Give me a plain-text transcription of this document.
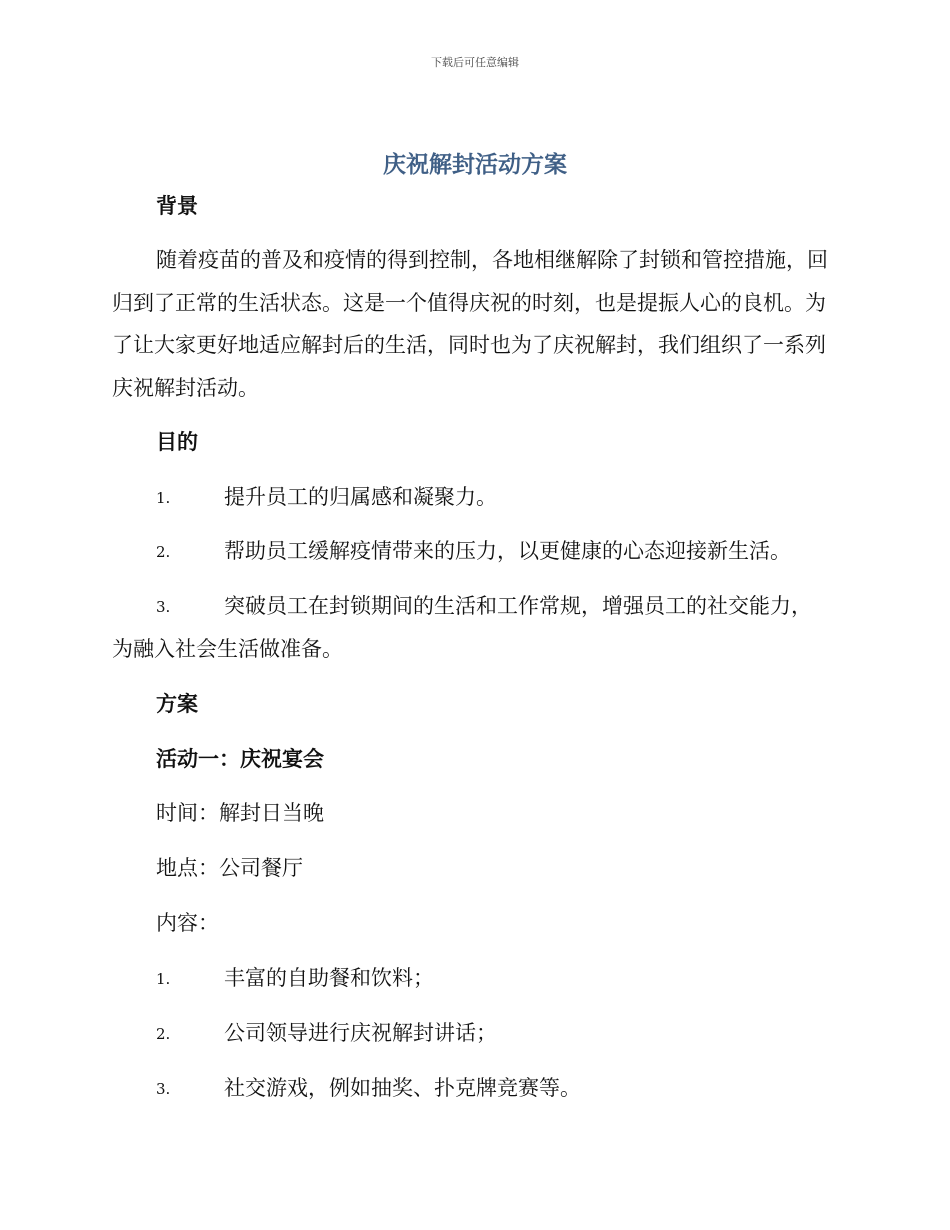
下载后可任意编辑
庆祝解封活动方案
背景
随着疫苗的普及和疫情的得到控制，各地相继解除了封锁和管控措施，回归到了正常的生活状态。这是一个值得庆祝的时刻，也是提振人心的良机。为了让大家更好地适应解封后的生活，同时也为了庆祝解封，我们组织了一系列庆祝解封活动。
目的
1.	提升员工的归属感和凝聚力。
2.	帮助员工缓解疫情带来的压力，以更健康的心态迎接新生活。
3.	突破员工在封锁期间的生活和工作常规，增强员工的社交能力，
为融入社会生活做准备。
方案
活动一：庆祝宴会
时间：解封日当晚
地点：公司餐厅
内容：
1.	丰富的自助餐和饮料；
2.	公司领导进行庆祝解封讲话；
3.	社交游戏，例如抽奖、扑克牌竞赛等。
